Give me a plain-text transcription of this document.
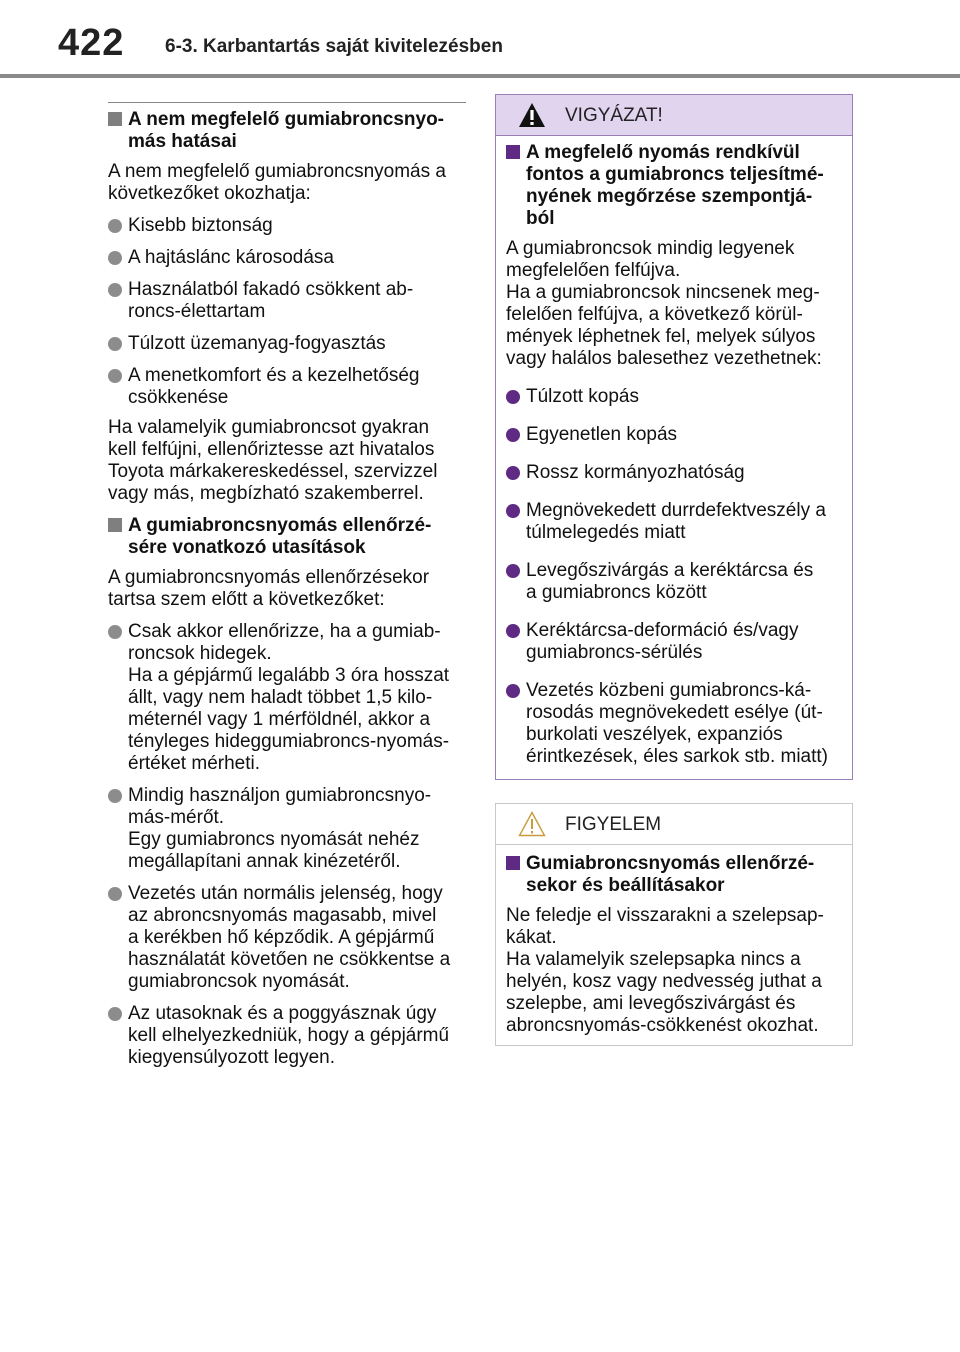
422 6-3. Karbantartás saját kivitelezésben
A nem megfelelő gumiabroncsnyo-
más hatásai
A nem megfelelő gumiabroncsnyomás a
következőket okozhatja:
Kisebb biztonság
A hajtáslánc károsodása
Használatból fakadó csökkent ab-
roncs-élettartam
Túlzott üzemanyag-fogyasztás
A menetkomfort és a kezelhetőség
csökkenése
Ha valamelyik gumiabroncsot gyakran
kell felfújni, ellenőriztesse azt hivatalos
Toyota márkakereskedéssel, szervizzel
vagy más, megbízható szakemberrel.
A gumiabroncsnyomás ellenőrzé-
sére vonatkozó utasítások
A gumiabroncsnyomás ellenőrzésekor
tartsa szem előtt a következőket:
Csak akkor ellenőrizze, ha a gumiab-
roncsok hidegek.
Ha a gépjármű legalább 3 óra hosszat
állt, vagy nem haladt többet 1,5 kilo-
méternél vagy 1 mérföldnél, akkor a
tényleges hideggumiabroncs-nyomás-
értéket mérheti.
Mindig használjon gumiabroncsnyo-
más-mérőt.
Egy gumiabroncs nyomását nehéz
megállapítani annak kinézetéről.
Vezetés után normális jelenség, hogy
az abroncsnyomás magasabb, mivel
a kerékben hő képződik. A gépjármű
használatát követően ne csökkentse a
gumiabroncsok nyomását.
Az utasoknak és a poggyásznak úgy
kell elhelyezkedniük, hogy a gépjármű
kiegyensúlyozott legyen.
VIGYÁZAT!
A megfelelő nyomás rendkívül
fontos a gumiabroncs teljesítmé-
nyének megőrzése szempontjá-
ból
A gumiabroncsok mindig legyenek
megfelelően felfújva.
Ha a gumiabroncsok nincsenek meg-
felelően felfújva, a következő körül-
mények léphetnek fel, melyek súlyos
vagy halálos balesethez vezethetnek:
Túlzott kopás
Egyenetlen kopás
Rossz kormányozhatóság
Megnövekedett durrdefektveszély a
túlmelegedés miatt
Levegőszivárgás a keréktárcsa és
a gumiabroncs között
Keréktárcsa-deformáció és/vagy
gumiabroncs-sérülés
Vezetés közbeni gumiabroncs-ká-
rosodás megnövekedett esélye (út-
burkolati veszélyek, expanziós
érintkezések, éles sarkok stb. miatt)
FIGYELEM
Gumiabroncsnyomás ellenőrzé-
sekor és beállításakor
Ne feledje el visszarakni a szelepsap-
kákat.
Ha valamelyik szelepsapka nincs a
helyén, kosz vagy nedvesség juthat a
szelepbe, ami levegőszivárgást és
abroncsnyomás-csökkenést okozhat.
